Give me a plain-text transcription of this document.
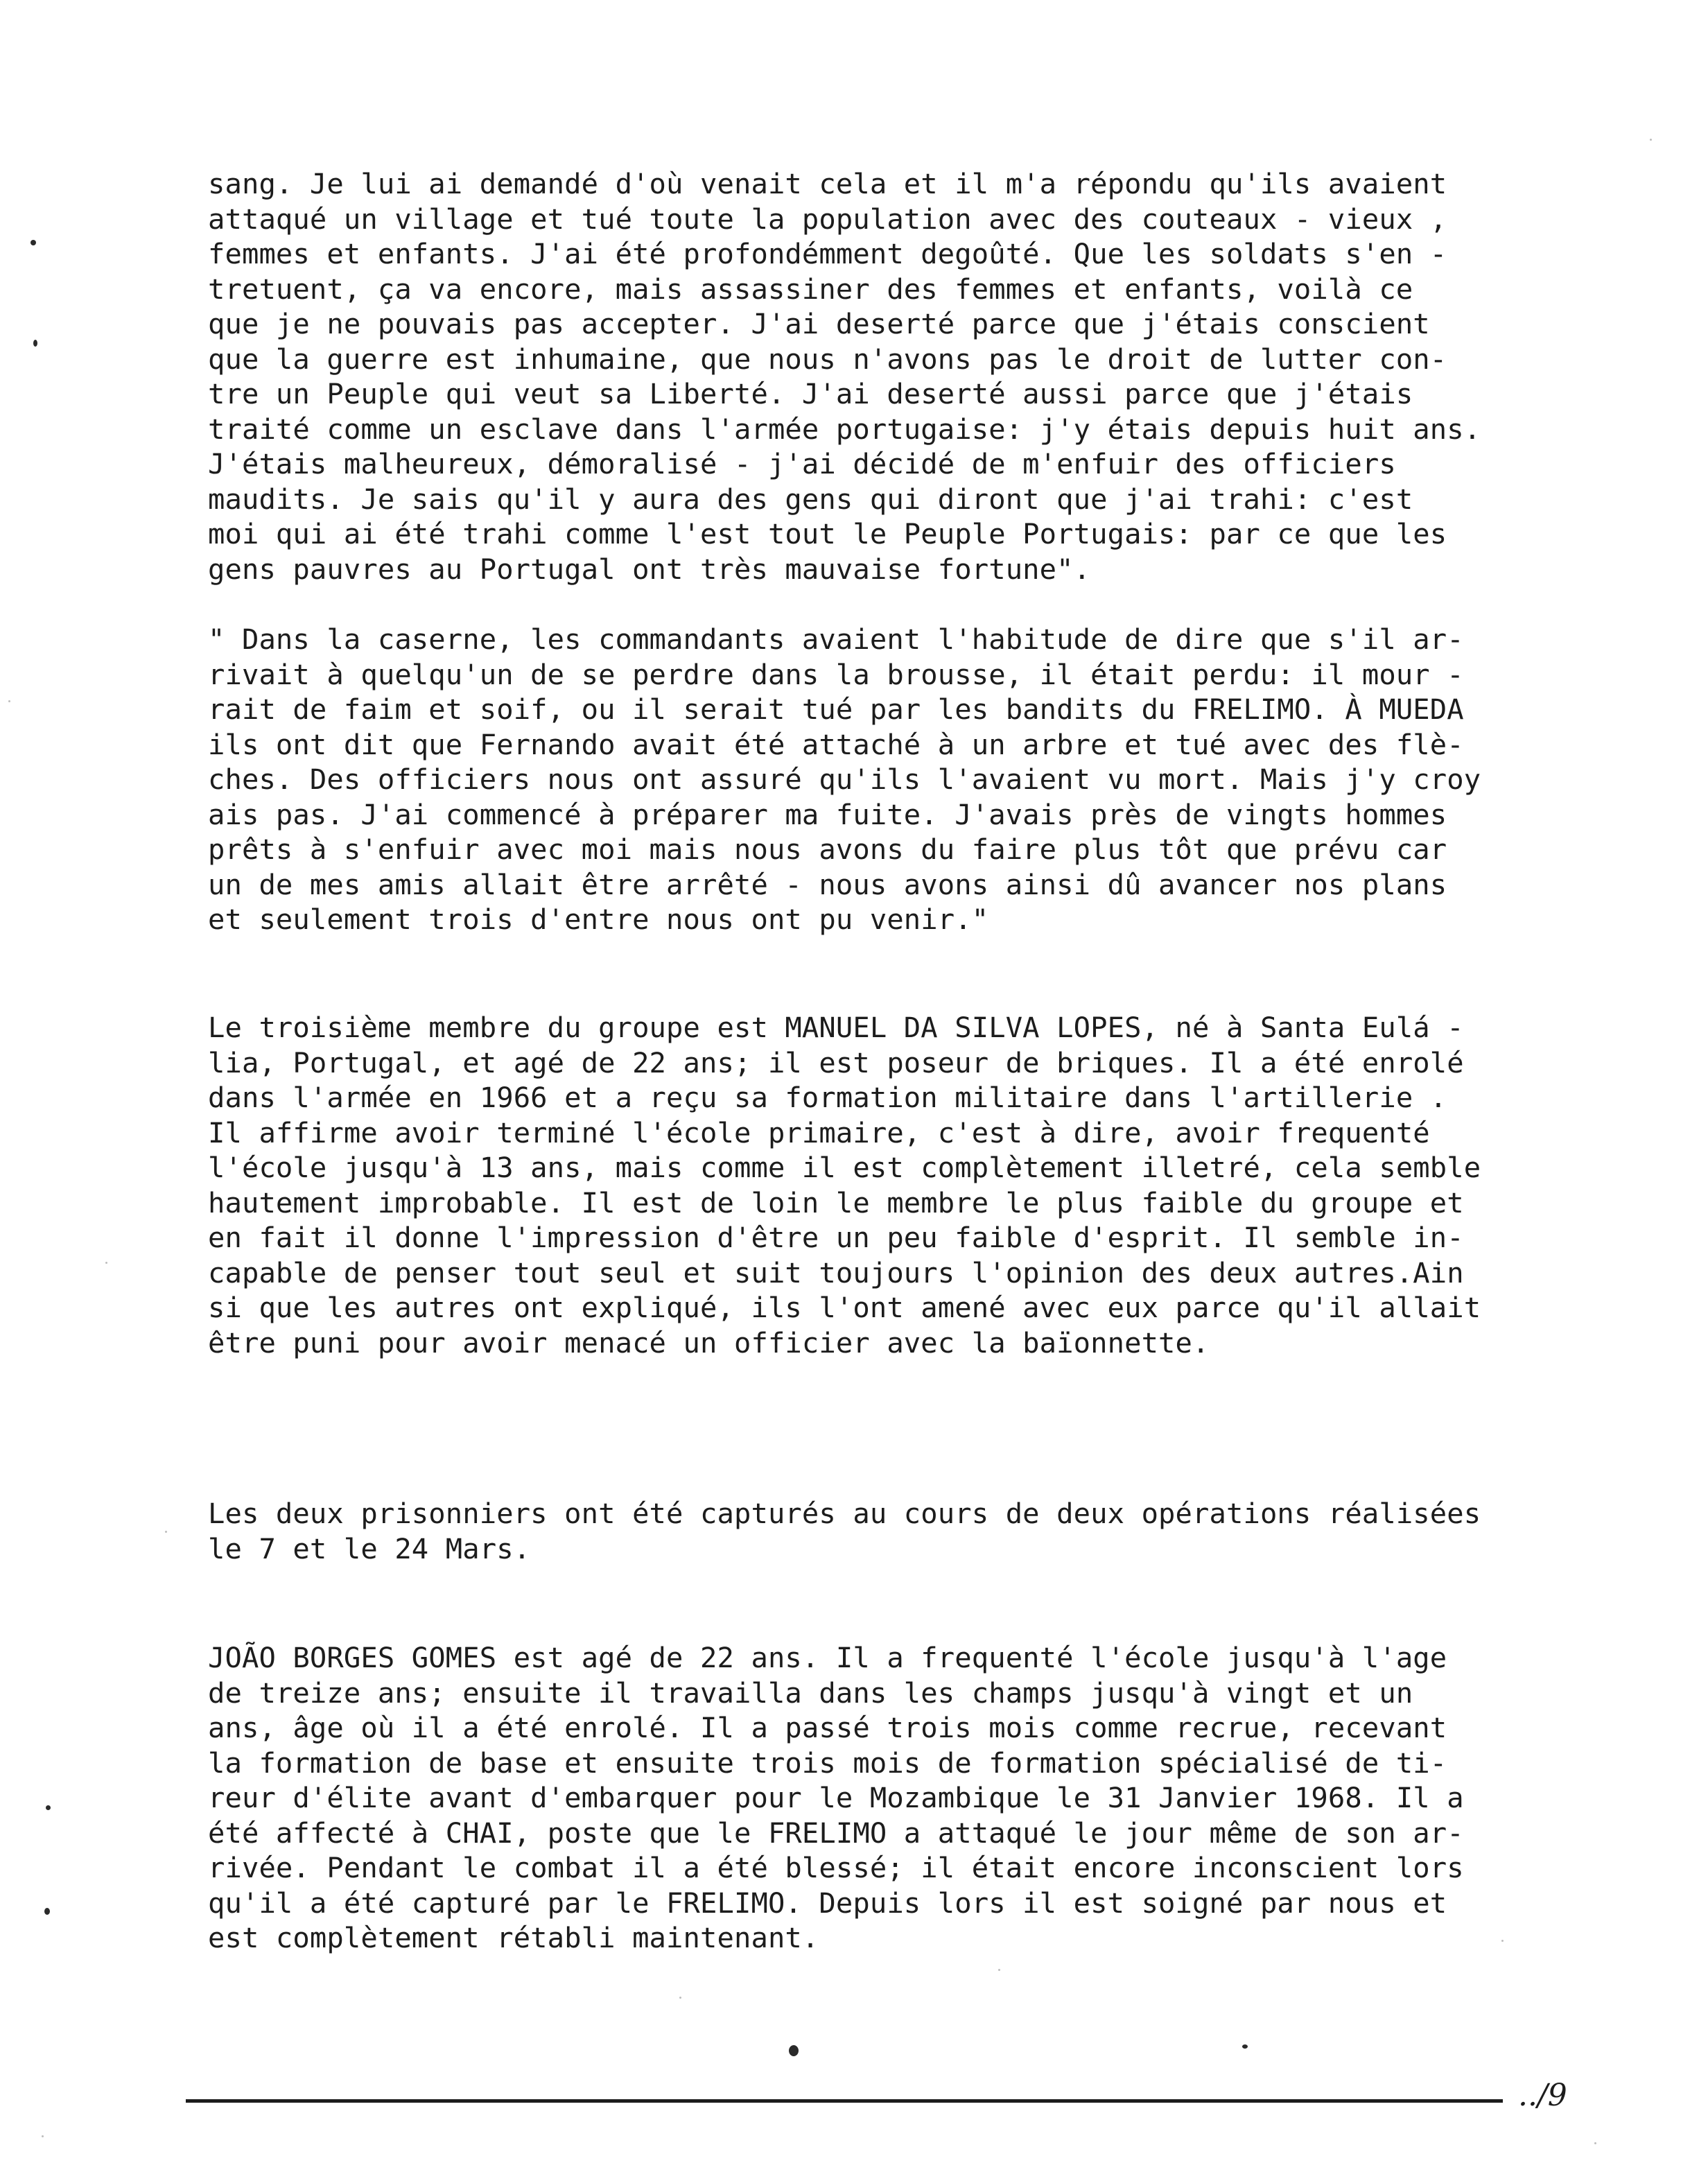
sang. Je lui ai demandé d'où venait cela et il m'a répondu qu'ils avaient
attaqué un village et tué toute la population avec des couteaux - vieux ,
femmes et enfants. J'ai été profondémment degoûté. Que les soldats s'en -
tretuent, ça va encore, mais assassiner des femmes et enfants, voilà ce
que je ne pouvais pas accepter. J'ai deserté parce que j'étais conscient
que la guerre est inhumaine, que nous n'avons pas le droit de lutter con-
tre un Peuple qui veut sa Liberté. J'ai deserté aussi parce que j'étais
traité comme un esclave dans l'armée portugaise: j'y étais depuis huit ans.
J'étais malheureux, démoralisé - j'ai décidé de m'enfuir des officiers
maudits. Je sais qu'il y aura des gens qui diront que j'ai trahi: c'est
moi qui ai été trahi comme l'est tout le Peuple Portugais: par ce que les
gens pauvres au Portugal ont très mauvaise fortune".
" Dans la caserne, les commandants avaient l'habitude de dire que s'il ar-
rivait à quelqu'un de se perdre dans la brousse, il était perdu: il mour -
rait de faim et soif, ou il serait tué par les bandits du FRELIMO. À MUEDA
ils ont dit que Fernando avait été attaché à un arbre et tué avec des flè-
ches. Des officiers nous ont assuré qu'ils l'avaient vu mort. Mais j'y croy
ais pas. J'ai commencé à préparer ma fuite. J'avais près de vingts hommes
prêts à s'enfuir avec moi mais nous avons du faire plus tôt que prévu car
un de mes amis allait être arrêté - nous avons ainsi dû avancer nos plans
et seulement trois d'entre nous ont pu venir."
Le troisième membre du groupe est MANUEL DA SILVA LOPES, né à Santa Eulá -
lia, Portugal, et agé de 22 ans; il est poseur de briques. Il a été enrolé
dans l'armée en 1966 et a reçu sa formation militaire dans l'artillerie .
Il affirme avoir terminé l'école primaire, c'est à dire, avoir frequenté
l'école jusqu'à 13 ans, mais comme il est complètement illetré, cela semble
hautement improbable. Il est de loin le membre le plus faible du groupe et
en fait il donne l'impression d'être un peu faible d'esprit. Il semble in-
capable de penser tout seul et suit toujours l'opinion des deux autres.Ain
si que les autres ont expliqué, ils l'ont amené avec eux parce qu'il allait
être puni pour avoir menacé un officier avec la baïonnette.
Les deux prisonniers ont été capturés au cours de deux opérations réalisées
le 7 et le 24 Mars.
JOÃO BORGES GOMES est agé de 22 ans. Il a frequenté l'école jusqu'à l'age
de treize ans; ensuite il travailla dans les champs jusqu'à vingt et un
ans, âge où il a été enrolé. Il a passé trois mois comme recrue, recevant
la formation de base et ensuite trois mois de formation spécialisé de ti-
reur d'élite avant d'embarquer pour le Mozambique le 31 Janvier 1968. Il a
été affecté à CHAI, poste que le FRELIMO a attaqué le jour même de son ar-
rivée. Pendant le combat il a été blessé; il était encore inconscient lors
qu'il a été capturé par le FRELIMO. Depuis lors il est soigné par nous et
est complètement rétabli maintenant.
../9
